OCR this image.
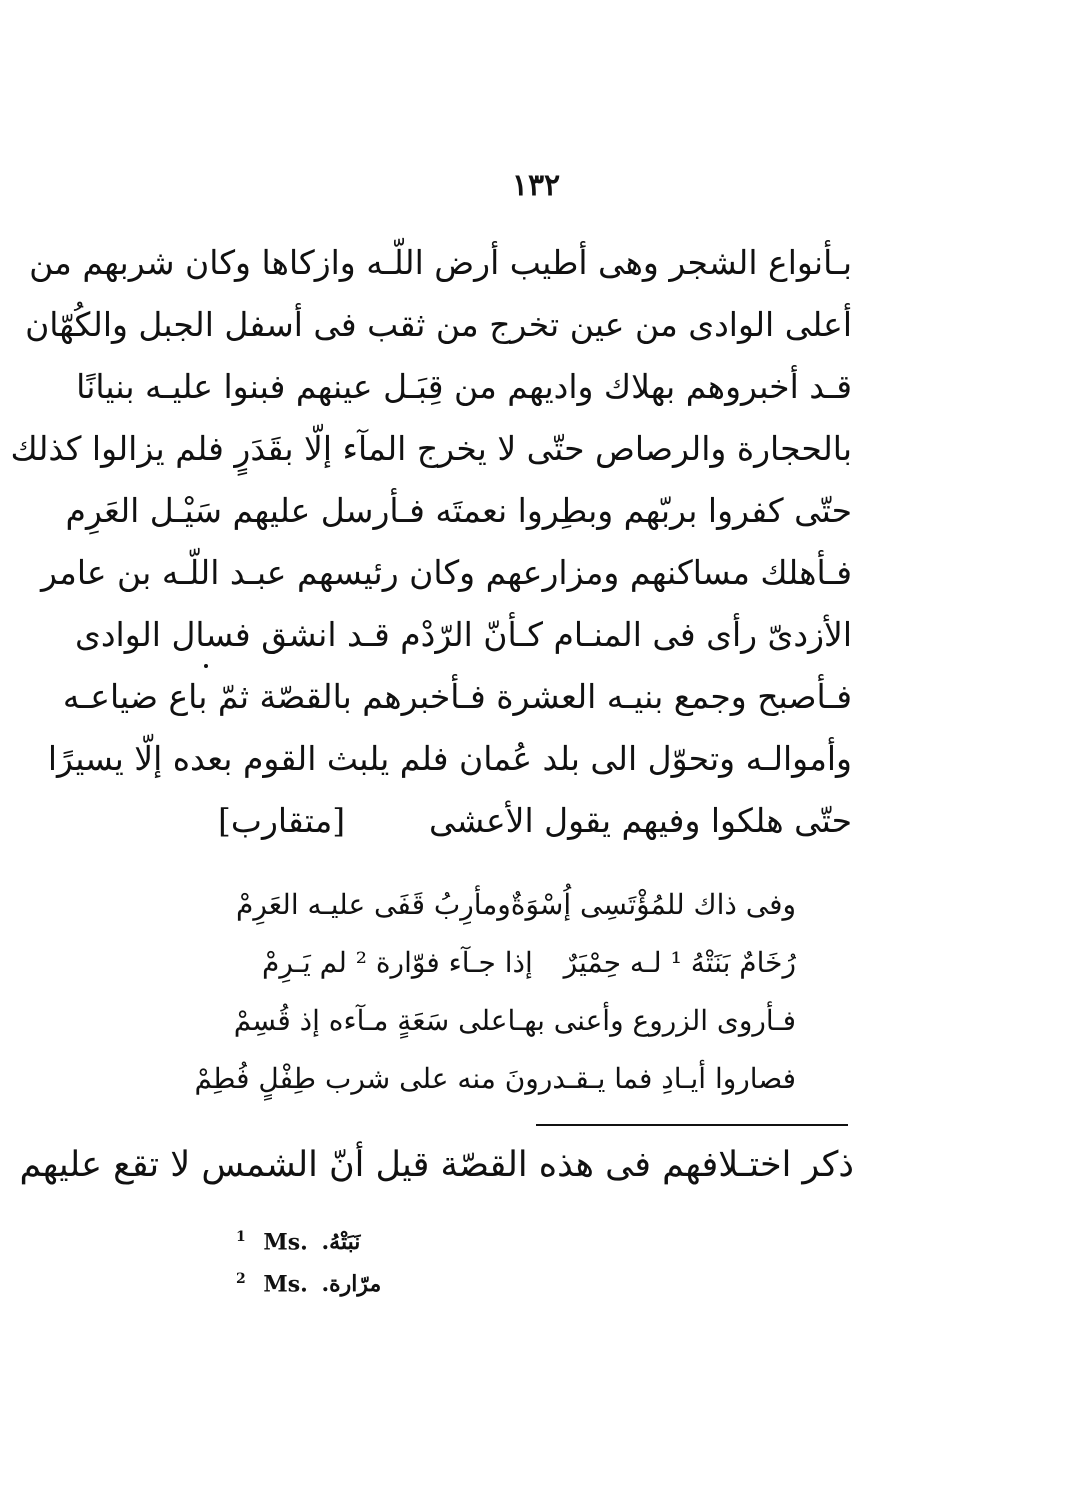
١٣٢
بـأنواع الشجر وهى أطيب أرض اللّـه وازكاها وكان شربهم من
أعلى الوادى من عين تخرج من ثقب فى أسفل الجبل والكُهّان
قـد أخبروهم بهلاك واديهم من قِبَـل عينهم فبنوا عليـه بنيانًا
بالحجارة والرصاص حتّى لا يخرج المآء إلّا بقَدَرٍ فلم يزالوا كذلك
حتّى كفروا بربّهم وبطِروا نعمتَه فـأرسل عليهم سَيْـل العَرِم
فـأهلك مساكنهم ومزارعهم وكان رئيسهم عبـد اللّـه بن عامر
الأزدىّ رأى فى المنـام كـأنّ الرّدْم قـد انشق فسال الوادى
فـأصبح وجمع بنيـه العشرة فـأخبرهم بالقصّة ثمّ باع ضياعـه
وأموالـه وتحوّل الى بلد عُمان فلم يلبث القوم بعده إلّا يسيرًا
حتّى هلكوا وفيهم يقول الأعشى
[متقارب]
وفى ذاك للمُؤْتَسِى إُسْوَةٌ
ومأرِبُ قَفَى عليـه العَرِمْ
رُخَامٌ بَنَتْهُ ¹ لـه حِمْيَرٌ
إذا جـآء فوّارة ² لم يَـرِمْ
فـأروى الزروع وأعنى بهـا
على سَعَةٍ مـآءه إذ قُسِمْ
فصاروا أيـادِ فما يـقـدرو
نَ منه على شرب طِفْلٍ فُطِمْ
ذكر اختـلافهم فى هذه القصّة قيل أنّ الشمس لا تقع عليهم
$^1$ Ms. نَبَتْهُ.
$^2$ Ms. مرّارة.
